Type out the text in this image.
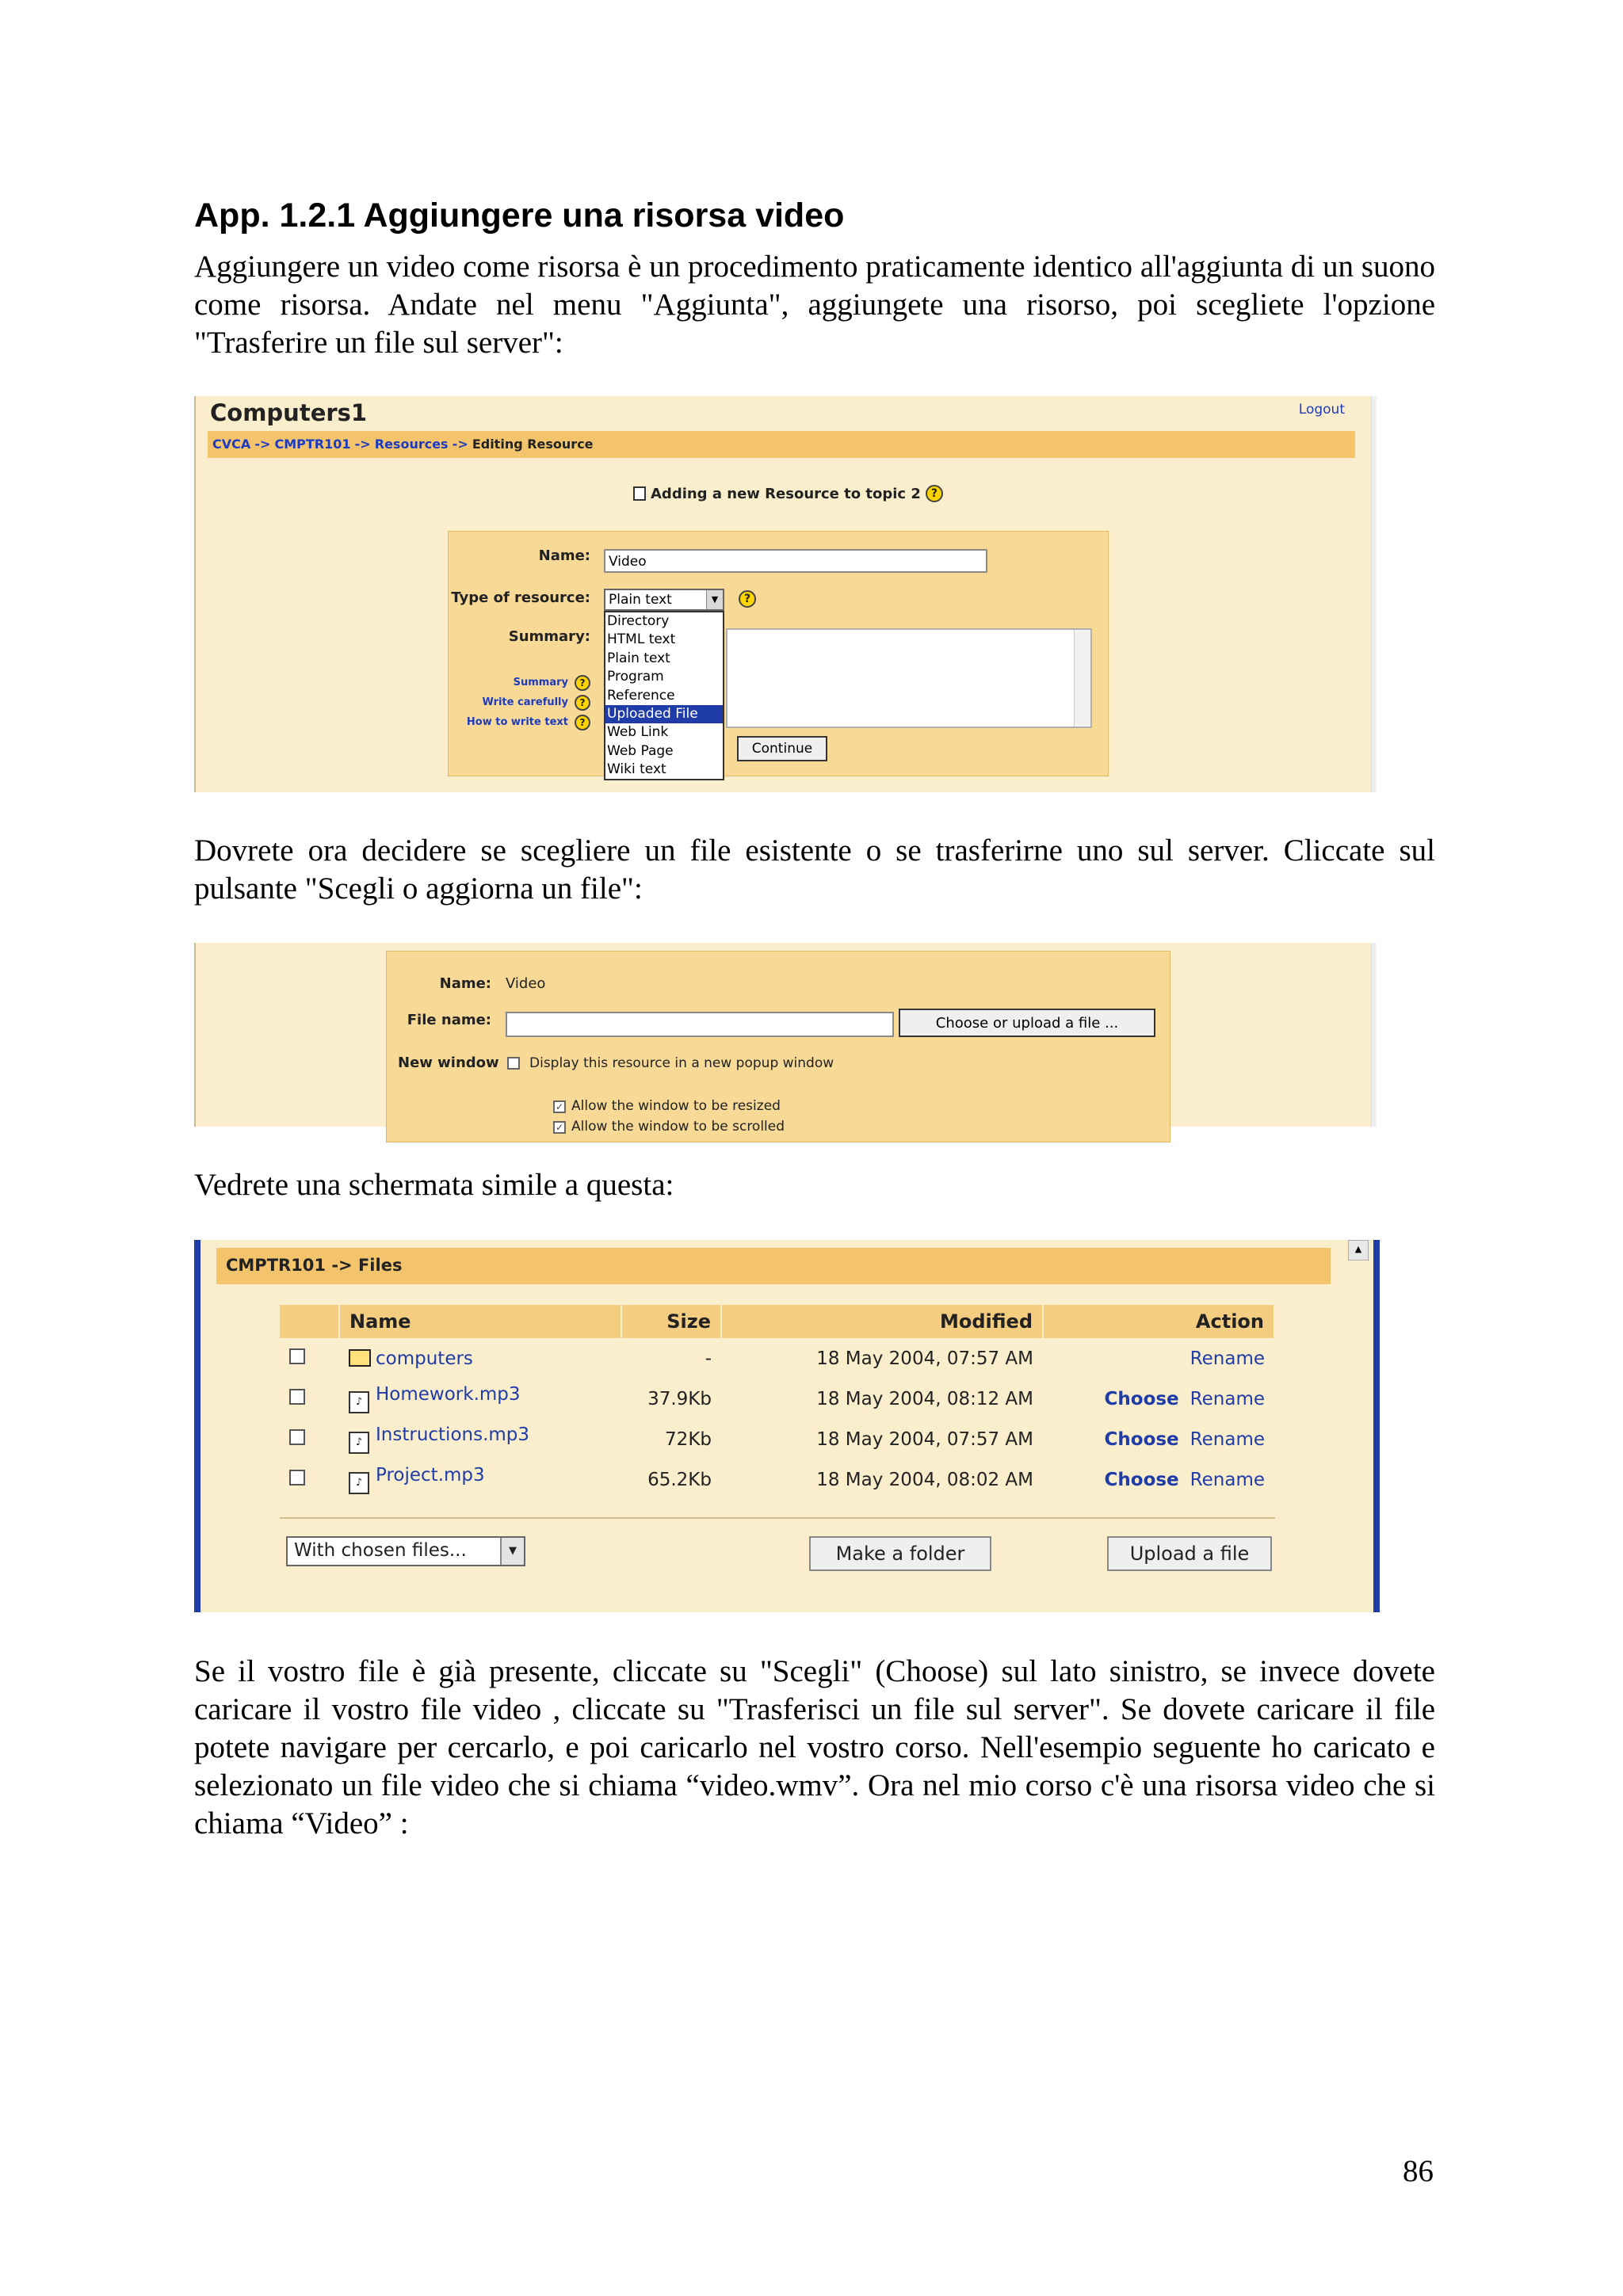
App. 1.2.1 Aggiungere una risorsa video

Aggiungere un video come risorsa è un procedimento praticamente identico all'aggiunta di un suono come risorsa. Andate nel menu "Aggiunta", aggiungete una risorso, poi scegliete l'opzione "Trasferire un file sul server":

Computers1	Logout
CVCA -> CMPTR101 -> Resources -> Editing Resource
Adding a new Resource to topic 2 ?
Name:	Video
Type of resource:	Plain text	▼	?
Summary:
Summary	?
Write carefully	?
How to write text	?
Continue
Directory
HTML text
Plain text
Program
Reference
Uploaded File
Web Link
Web Page
Wiki text

Dovrete ora decidere se scegliere un file esistente o se trasferirne uno sul server. Cliccate sul pulsante "Scegli o aggiorna un file":

Name: Video
File name:	Choose or upload a file ...
New window Display this resource in a new popup window
✓ Allow the window to be resized
✓ Allow the window to be scrolled

Vedrete una schermata simile a questa:

▲
CMPTR101 -> Files
	Name	Size	Modified	Action
	computers	-	18 May 2004, 07:57 AM	Rename
	♪ Homework.mp3	37.9Kb	18 May 2004, 08:12 AM	Choose Rename
	♪ Instructions.mp3	72Kb	18 May 2004, 07:57 AM	Choose Rename
	♪ Project.mp3	65.2Kb	18 May 2004, 08:02 AM	Choose Rename
With chosen files...	▼	Make a folder	Upload a file

Se il vostro file è già presente, cliccate su "Scegli" (Choose) sul lato sinistro, se invece dovete caricare il vostro file video , cliccate su "Trasferisci un file sul server". Se dovete caricare il file potete navigare per cercarlo, e poi caricarlo nel vostro corso. Nell'esempio seguente ho caricato e selezionato un file video che si chiama “video.wmv”. Ora nel mio corso c'è una risorsa video che si chiama “Video” :

86
